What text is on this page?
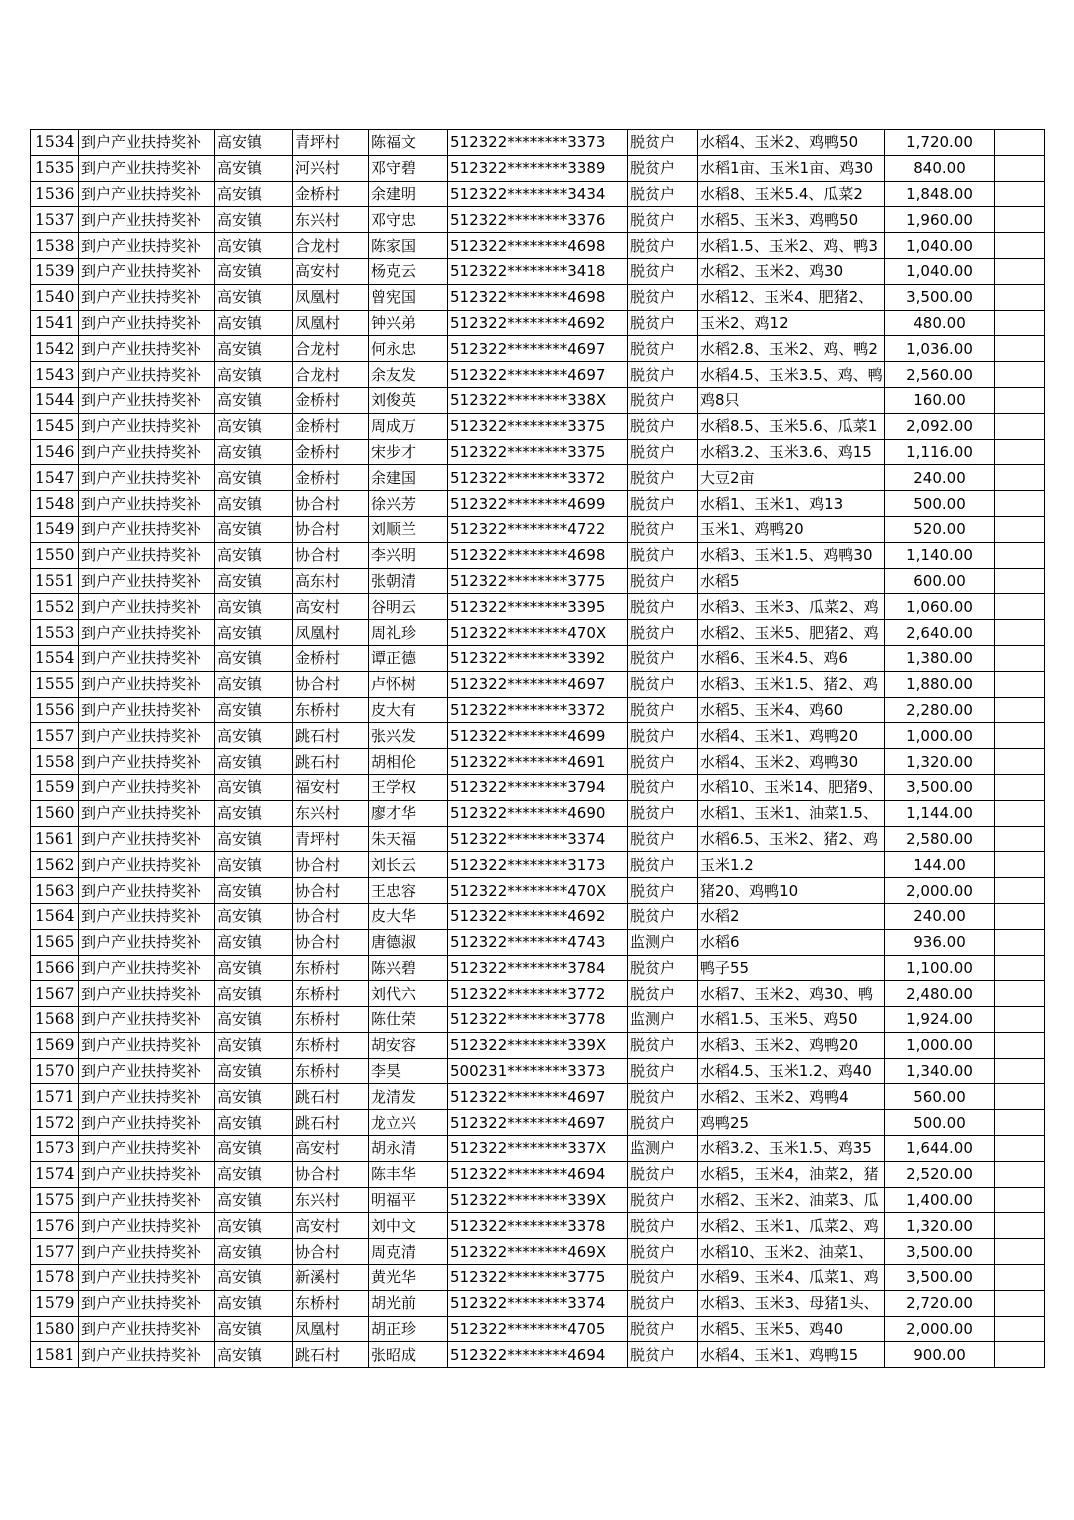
1534	到户产业扶持奖补	高安镇	青坪村	陈福文	512322********3373	脱贫户	水稻4、玉米2、鸡鸭50	1,720.00	
1535	到户产业扶持奖补	高安镇	河兴村	邓守碧	512322********3389	脱贫户	水稻1亩、玉米1亩、鸡30	840.00	
1536	到户产业扶持奖补	高安镇	金桥村	余建明	512322********3434	脱贫户	水稻8、玉米5.4、瓜菜2	1,848.00	
1537	到户产业扶持奖补	高安镇	东兴村	邓守忠	512322********3376	脱贫户	水稻5、玉米3、鸡鸭50	1,960.00	
1538	到户产业扶持奖补	高安镇	合龙村	陈家国	512322********4698	脱贫户	水稻1.5、玉米2、鸡、鸭3	1,040.00	
1539	到户产业扶持奖补	高安镇	高安村	杨克云	512322********3418	脱贫户	水稻2、玉米2、鸡30	1,040.00	
1540	到户产业扶持奖补	高安镇	凤凰村	曾宪国	512322********4698	脱贫户	水稻12、玉米4、肥猪2、	3,500.00	
1541	到户产业扶持奖补	高安镇	凤凰村	钟兴弟	512322********4692	脱贫户	玉米2、鸡12	480.00	
1542	到户产业扶持奖补	高安镇	合龙村	何永忠	512322********4697	脱贫户	水稻2.8、玉米2、鸡、鸭2	1,036.00	
1543	到户产业扶持奖补	高安镇	合龙村	余友发	512322********4697	脱贫户	水稻4.5、玉米3.5、鸡、鸭	2,560.00	
1544	到户产业扶持奖补	高安镇	金桥村	刘俊英	512322********338X	脱贫户	鸡8只	160.00	
1545	到户产业扶持奖补	高安镇	金桥村	周成万	512322********3375	脱贫户	水稻8.5、玉米5.6、瓜菜1	2,092.00	
1546	到户产业扶持奖补	高安镇	金桥村	宋步才	512322********3375	脱贫户	水稻3.2、玉米3.6、鸡15	1,116.00	
1547	到户产业扶持奖补	高安镇	金桥村	余建国	512322********3372	脱贫户	大豆2亩	240.00	
1548	到户产业扶持奖补	高安镇	协合村	徐兴芳	512322********4699	脱贫户	水稻1、玉米1、鸡13	500.00	
1549	到户产业扶持奖补	高安镇	协合村	刘顺兰	512322********4722	脱贫户	玉米1、鸡鸭20	520.00	
1550	到户产业扶持奖补	高安镇	协合村	李兴明	512322********4698	脱贫户	水稻3、玉米1.5、鸡鸭30	1,140.00	
1551	到户产业扶持奖补	高安镇	高东村	张朝清	512322********3775	脱贫户	水稻5	600.00	
1552	到户产业扶持奖补	高安镇	高安村	谷明云	512322********3395	脱贫户	水稻3、玉米3、瓜菜2、鸡	1,060.00	
1553	到户产业扶持奖补	高安镇	凤凰村	周礼珍	512322********470X	脱贫户	水稻2、玉米5、肥猪2、鸡	2,640.00	
1554	到户产业扶持奖补	高安镇	金桥村	谭正德	512322********3392	脱贫户	水稻6、玉米4.5、鸡6	1,380.00	
1555	到户产业扶持奖补	高安镇	协合村	卢怀树	512322********4697	脱贫户	水稻3、玉米1.5、猪2、鸡	1,880.00	
1556	到户产业扶持奖补	高安镇	东桥村	皮大有	512322********3372	脱贫户	水稻5、玉米4、鸡60	2,280.00	
1557	到户产业扶持奖补	高安镇	跳石村	张兴发	512322********4699	脱贫户	水稻4、玉米1、鸡鸭20	1,000.00	
1558	到户产业扶持奖补	高安镇	跳石村	胡相伦	512322********4691	脱贫户	水稻4、玉米2、鸡鸭30	1,320.00	
1559	到户产业扶持奖补	高安镇	福安村	王学权	512322********3794	脱贫户	水稻10、玉米14、肥猪9、	3,500.00	
1560	到户产业扶持奖补	高安镇	东兴村	廖才华	512322********4690	脱贫户	水稻1、玉米1、油菜1.5、	1,144.00	
1561	到户产业扶持奖补	高安镇	青坪村	朱天福	512322********3374	脱贫户	水稻6.5、玉米2、猪2、鸡	2,580.00	
1562	到户产业扶持奖补	高安镇	协合村	刘长云	512322********3173	脱贫户	玉米1.2	144.00	
1563	到户产业扶持奖补	高安镇	协合村	王忠容	512322********470X	脱贫户	猪20、鸡鸭10	2,000.00	
1564	到户产业扶持奖补	高安镇	协合村	皮大华	512322********4692	脱贫户	水稻2	240.00	
1565	到户产业扶持奖补	高安镇	协合村	唐德淑	512322********4743	监测户	水稻6	936.00	
1566	到户产业扶持奖补	高安镇	东桥村	陈兴碧	512322********3784	脱贫户	鸭子55	1,100.00	
1567	到户产业扶持奖补	高安镇	东桥村	刘代六	512322********3772	脱贫户	水稻7、玉米2、鸡30、鸭	2,480.00	
1568	到户产业扶持奖补	高安镇	东桥村	陈仕荣	512322********3778	监测户	水稻1.5、玉米5、鸡50	1,924.00	
1569	到户产业扶持奖补	高安镇	东桥村	胡安容	512322********339X	脱贫户	水稻3、玉米2、鸡鸭20	1,000.00	
1570	到户产业扶持奖补	高安镇	东桥村	李昊	500231********3373	脱贫户	水稻4.5、玉米1.2、鸡40	1,340.00	
1571	到户产业扶持奖补	高安镇	跳石村	龙清发	512322********4697	脱贫户	水稻2、玉米2、鸡鸭4	560.00	
1572	到户产业扶持奖补	高安镇	跳石村	龙立兴	512322********4697	脱贫户	鸡鸭25	500.00	
1573	到户产业扶持奖补	高安镇	高安村	胡永清	512322********337X	监测户	水稻3.2、玉米1.5、鸡35	1,644.00	
1574	到户产业扶持奖补	高安镇	协合村	陈丰华	512322********4694	脱贫户	水稻5，玉米4，油菜2，猪	2,520.00	
1575	到户产业扶持奖补	高安镇	东兴村	明福平	512322********339X	脱贫户	水稻2、玉米2、油菜3、瓜	1,400.00	
1576	到户产业扶持奖补	高安镇	高安村	刘中文	512322********3378	脱贫户	水稻2、玉米1、瓜菜2、鸡	1,320.00	
1577	到户产业扶持奖补	高安镇	协合村	周克清	512322********469X	脱贫户	水稻10、玉米2、油菜1、	3,500.00	
1578	到户产业扶持奖补	高安镇	新溪村	黄光华	512322********3775	脱贫户	水稻9、玉米4、瓜菜1、鸡	3,500.00	
1579	到户产业扶持奖补	高安镇	东桥村	胡光前	512322********3374	脱贫户	水稻3、玉米3、母猪1头、	2,720.00	
1580	到户产业扶持奖补	高安镇	凤凰村	胡正珍	512322********4705	脱贫户	水稻5、玉米5、鸡40	2,000.00	
1581	到户产业扶持奖补	高安镇	跳石村	张昭成	512322********4694	脱贫户	水稻4、玉米1、鸡鸭15	900.00	
